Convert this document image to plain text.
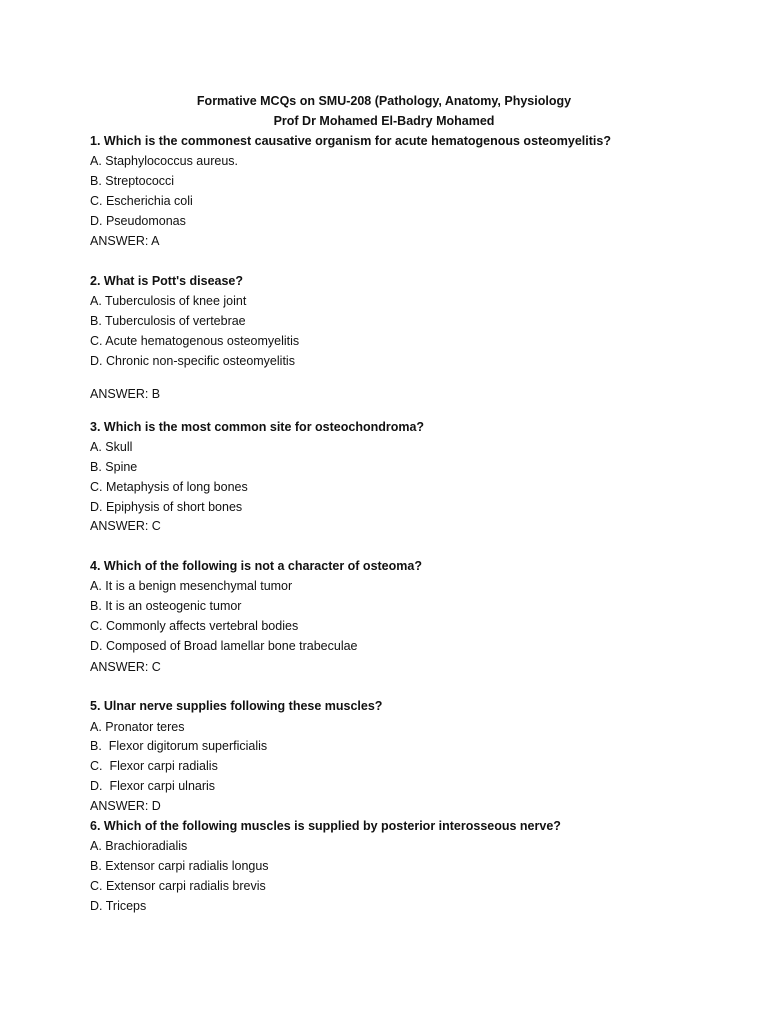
Formative MCQs on SMU-208 (Pathology, Anatomy, Physiology
Prof Dr Mohamed El-Badry Mohamed
1. Which is the commonest causative organism for acute hematogenous osteomyelitis?
A. Staphylococcus aureus.
B. Streptococci
C. Escherichia coli
D. Pseudomonas
ANSWER: A
2. What is Pott's disease?
A. Tuberculosis of knee joint
B. Tuberculosis of vertebrae
C. Acute hematogenous osteomyelitis
D. Chronic non-specific osteomyelitis
ANSWER: B
3. Which is the most common site for osteochondroma?
A. Skull
B. Spine
C. Metaphysis of long bones
D. Epiphysis of short bones
ANSWER: C
4. Which of the following is not a character of osteoma?
A. It is a benign mesenchymal tumor
B. It is an osteogenic tumor
C. Commonly affects vertebral bodies
D. Composed of Broad lamellar bone trabeculae
ANSWER: C
5. Ulnar nerve supplies following these muscles?
A. Pronator teres
B.  Flexor digitorum superficialis
C.  Flexor carpi radialis
D.  Flexor carpi ulnaris
ANSWER: D
6. Which of the following muscles is supplied by posterior interosseous nerve?
A. Brachioradialis
B. Extensor carpi radialis longus
C. Extensor carpi radialis brevis
D. Triceps
